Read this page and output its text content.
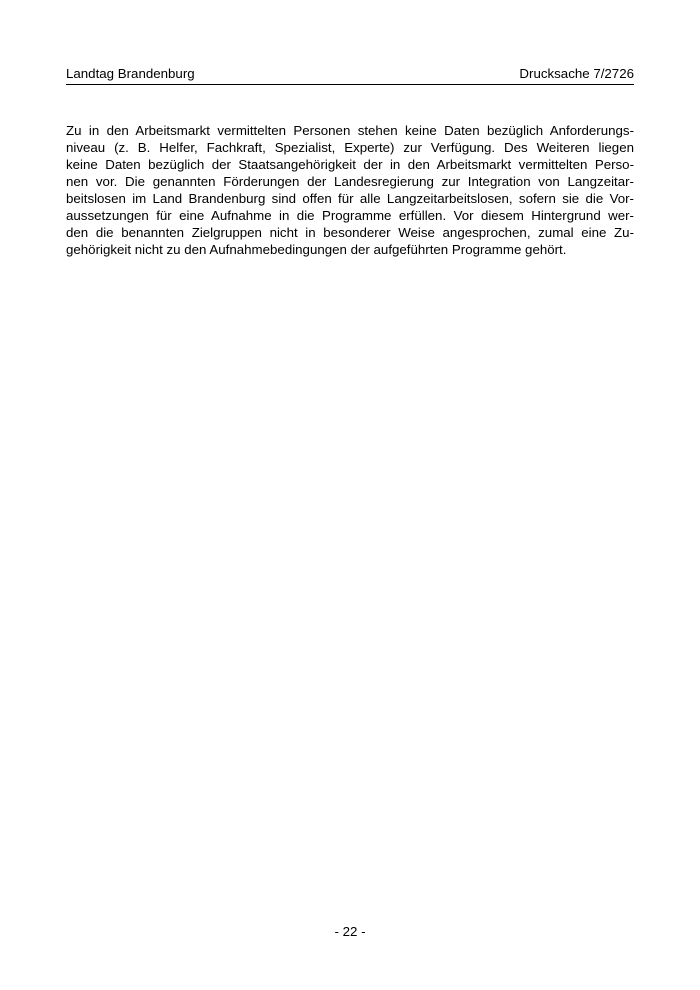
Landtag Brandenburg	Drucksache 7/2726
Zu in den Arbeitsmarkt vermittelten Personen stehen keine Daten bezüglich Anforderungs-
niveau (z. B. Helfer, Fachkraft, Spezialist, Experte) zur Verfügung. Des Weiteren liegen
keine Daten bezüglich der Staatsangehörigkeit der in den Arbeitsmarkt vermittelten Perso-
nen vor. Die genannten Förderungen der Landesregierung zur Integration von Langzeitar-
beitslosen im Land Brandenburg sind offen für alle Langzeitarbeitslosen, sofern sie die Vor-
aussetzungen für eine Aufnahme in die Programme erfüllen. Vor diesem Hintergrund wer-
den die benannten Zielgruppen nicht in besonderer Weise angesprochen, zumal eine Zu-
gehörigkeit nicht zu den Aufnahmebedingungen der aufgeführten Programme gehört.
- 22 -
